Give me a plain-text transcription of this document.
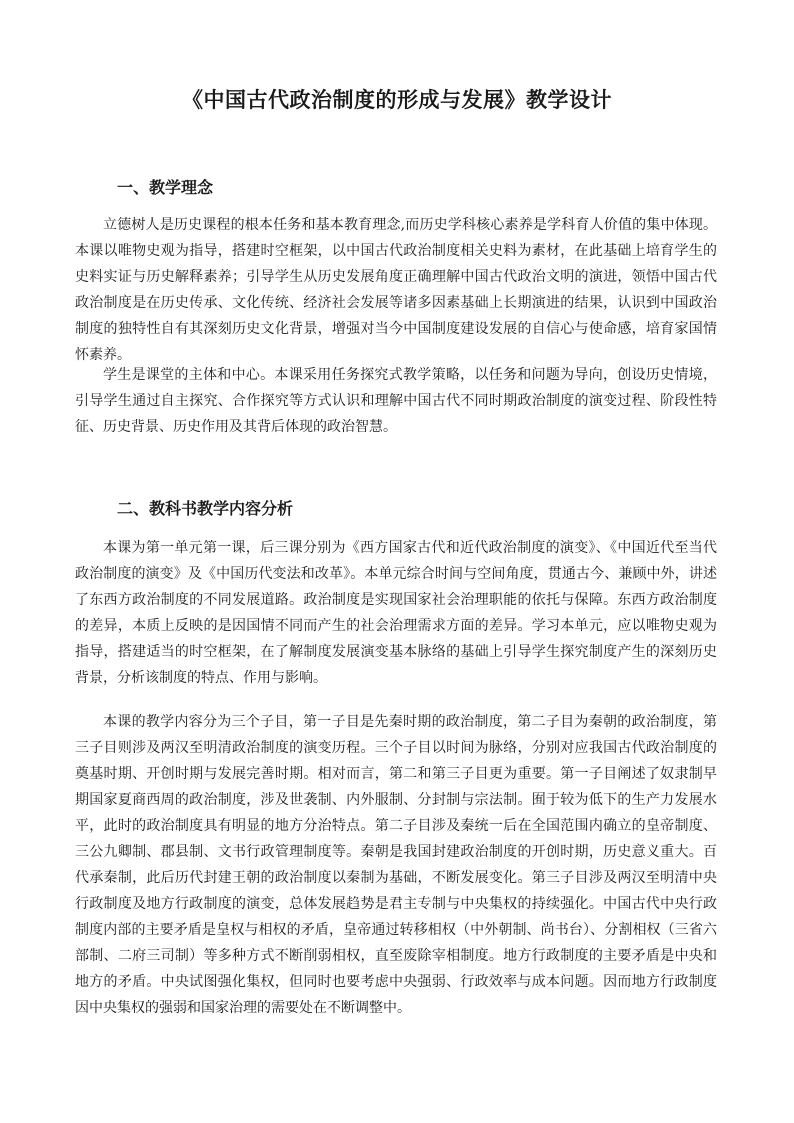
《中国古代政治制度的形成与发展》教学设计
一、教学理念

立德树人是历史课程的根本任务和基本教育理念,而历史学科核心素养是学科育人价值的集中体现。本课以唯物史观为指导，搭建时空框架，以中国古代政治制度相关史料为素材，在此基础上培育学生的史料实证与历史解释素养；引导学生从历史发展角度正确理解中国古代政治文明的演进，领悟中国古代政治制度是在历史传承、文化传统、经济社会发展等诸多因素基础上长期演进的结果，认识到中国政治制度的独特性自有其深刻历史文化背景，增强对当今中国制度建设发展的自信心与使命感，培育家国情怀素养。

学生是课堂的主体和中心。本课采用任务探究式教学策略，以任务和问题为导向，创设历史情境，引导学生通过自主探究、合作探究等方式认识和理解中国古代不同时期政治制度的演变过程、阶段性特征、历史背景、历史作用及其背后体现的政治智慧。

二、教科书教学内容分析

本课为第一单元第一课，后三课分别为《西方国家古代和近代政治制度的演变》、《中国近代至当代政治制度的演变》及《中国历代变法和改革》。本单元综合时间与空间角度，贯通古今、兼顾中外，讲述了东西方政治制度的不同发展道路。政治制度是实现国家社会治理职能的依托与保障。东西方政治制度的差异，本质上反映的是因国情不同而产生的社会治理需求方面的差异。学习本单元，应以唯物史观为指导，搭建适当的时空框架，在了解制度发展演变基本脉络的基础上引导学生探究制度产生的深刻历史背景，分析该制度的特点、作用与影响。

本课的教学内容分为三个子目，第一子目是先秦时期的政治制度，第二子目为秦朝的政治制度，第三子目则涉及两汉至明清政治制度的演变历程。三个子目以时间为脉络，分别对应我国古代政治制度的奠基时期、开创时期与发展完善时期。相对而言，第二和第三子目更为重要。第一子目阐述了奴隶制早期国家夏商西周的政治制度，涉及世袭制、内外服制、分封制与宗法制。囿于较为低下的生产力发展水平，此时的政治制度具有明显的地方分治特点。第二子目涉及秦统一后在全国范围内确立的皇帝制度、三公九卿制、郡县制、文书行政管理制度等。秦朝是我国封建政治制度的开创时期，历史意义重大。百代承秦制，此后历代封建王朝的政治制度以秦制为基础，不断发展变化。第三子目涉及两汉至明清中央行政制度及地方行政制度的演变，总体发展趋势是君主专制与中央集权的持续强化。中国古代中央行政制度内部的主要矛盾是皇权与相权的矛盾，皇帝通过转移相权（中外朝制、尚书台）、分割相权（三省六部制、二府三司制）等多种方式不断削弱相权，直至废除宰相制度。地方行政制度的主要矛盾是中央和地方的矛盾。中央试图强化集权，但同时也要考虑中央强弱、行政效率与成本问题。因而地方行政制度因中央集权的强弱和国家治理的需要处在不断调整中。
